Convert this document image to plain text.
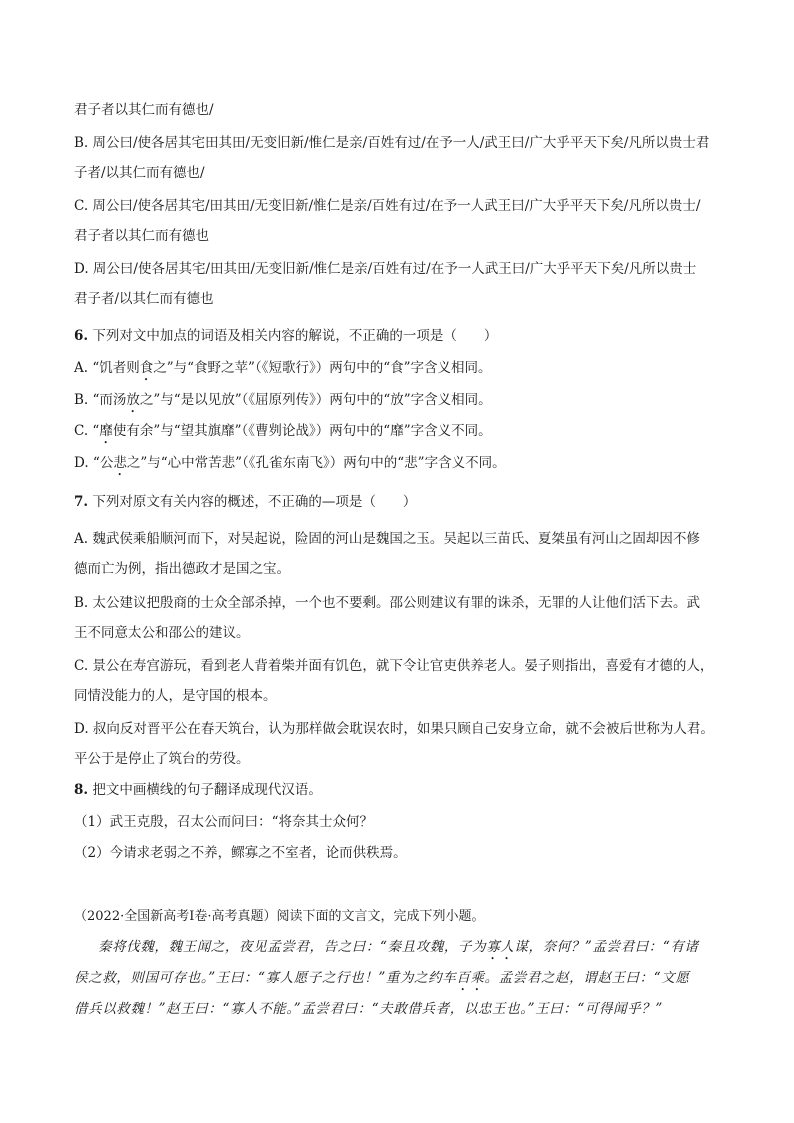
君子者以其仁而有德也/
B. 周公曰/使各居其宅田其田/无变旧新/惟仁是亲/百姓有过/在予一人/武王曰/广大乎平天下矣/凡所以贵士君
子者/以其仁而有德也/
C. 周公曰/使各居其宅/田其田/无变旧新/惟仁是亲/百姓有过/在予一人武王曰/广大乎平天下矣/凡所以贵士/
君子者以其仁而有德也
D. 周公曰/使各居其宅/田其田/无变旧新/惟仁是亲/百姓有过/在予一人武王曰/广大乎平天下矣/凡所以贵士
君子者/以其仁而有德也
6. 下列对文中加点的词语及相关内容的解说，不正确的一项是（　　）
A. “饥者则食之”与“食野之苹”（《短歌行》）两句中的“食”字含义相同。
B. “而汤放之”与“是以见放”（《屈原列传》）两句中的“放”字含义相同。
C. “靡使有余”与“望其旗靡”（《曹刿论战》）两句中的“靡”字含义不同。
D. “公悲之”与“心中常苦悲”（《孔雀东南飞》）两句中的“悲”字含义不同。
7. 下列对原文有关内容的概述，不正确的—项是（　　）
A. 魏武侯乘船顺河而下，对吴起说，险固的河山是魏国之玉。吴起以三苗氏、夏桀虽有河山之固却因不修
德而亡为例，指出德政才是国之宝。
B. 太公建议把殷商的士众全部杀掉，一个也不要剩。邵公则建议有罪的诛杀，无罪的人让他们活下去。武
王不同意太公和邵公的建议。
C. 景公在寿宫游玩，看到老人背着柴并面有饥色，就下令让官吏供养老人。晏子则指出，喜爱有才德的人，
同情没能力的人，是守国的根本。
D. 叔向反对晋平公在春天筑台，认为那样做会耽误农时，如果只顾自己安身立命，就不会被后世称为人君。
平公于是停止了筑台的劳役。
8. 把文中画横线的句子翻译成现代汉语。
（1）武王克殷，召太公而问曰：“将奈其士众何？
（2）今请求老弱之不养，鳏寡之不室者，论而供秩焉。
（2022·全国新高考Ⅰ卷·高考真题）阅读下面的文言文，完成下列小题。
秦将伐魏，魏王闻之，夜见孟尝君，告之曰：“秦且攻魏，子为寡人谋，奈何？”孟尝君曰：“有诸
侯之救，则国可存也。”王曰：“寡人愿子之行也！”重为之约车百乘。孟尝君之赵，谓赵王曰：“文愿
借兵以救魏！”赵王曰：“寡人不能。”孟尝君曰：“夫敢借兵者，以忠王也。”王曰：“可得闻乎？”
